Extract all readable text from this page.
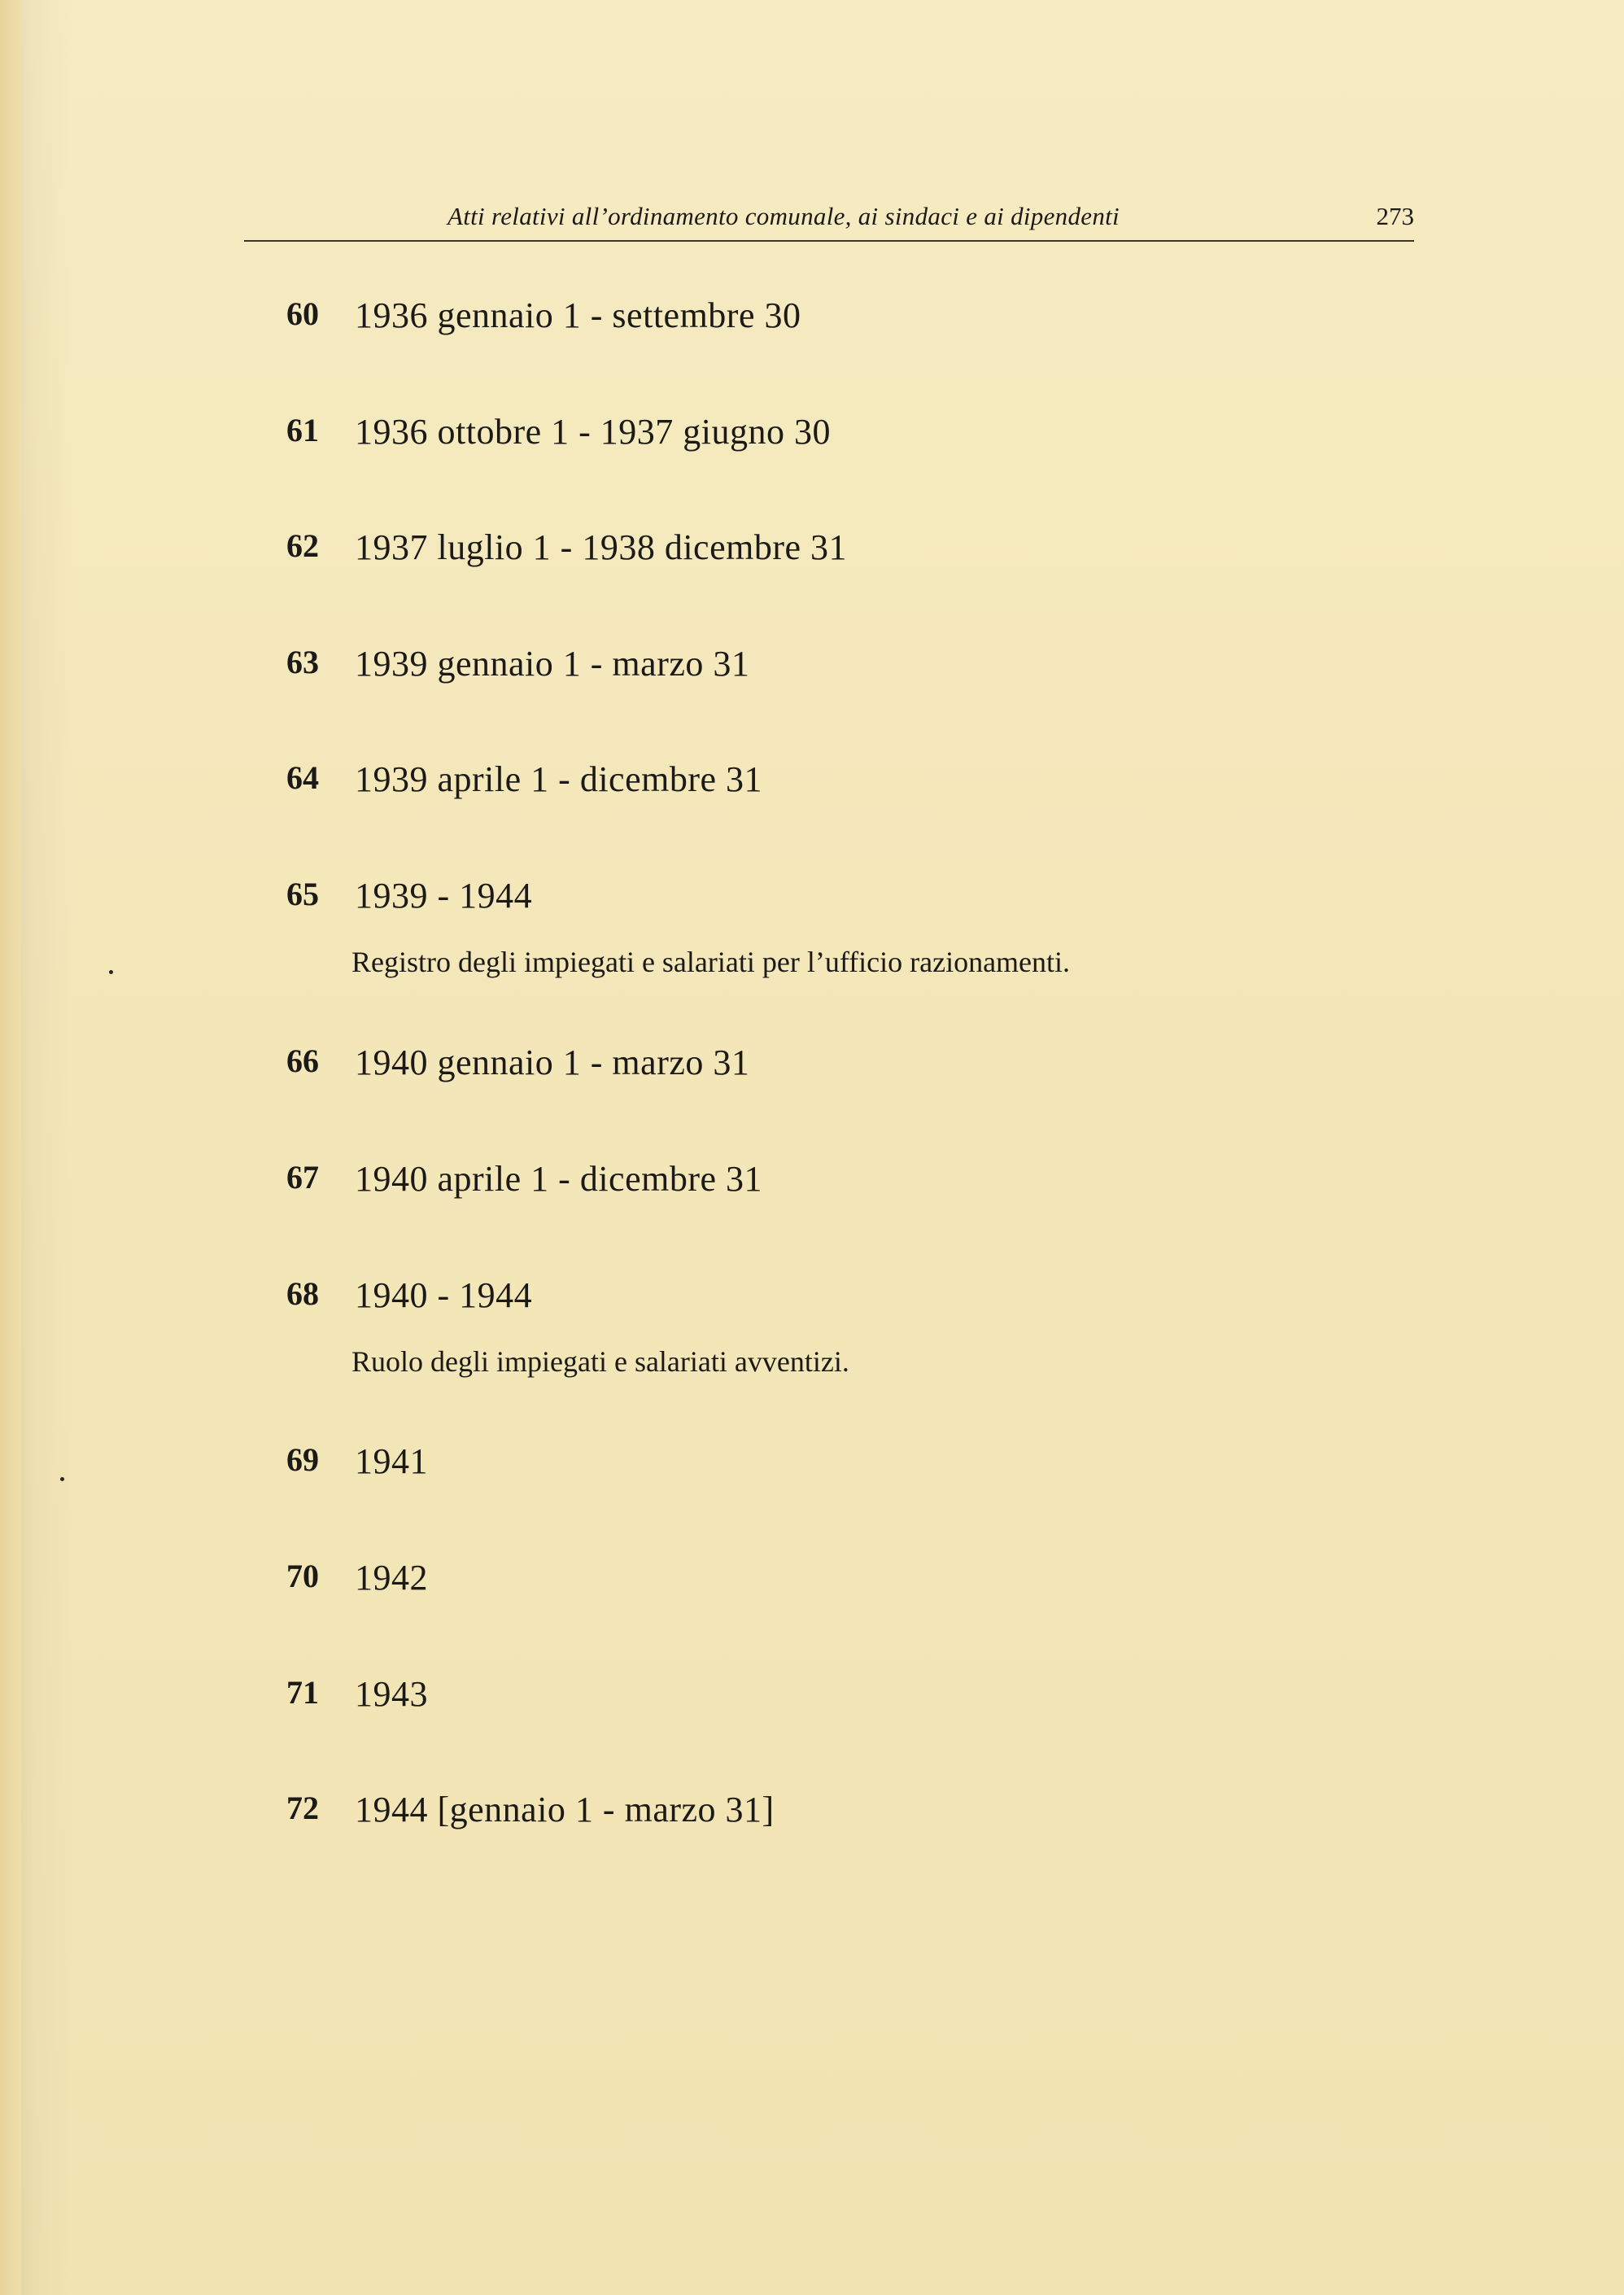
Atti relativi all’ordinamento comunale, ai sindaci e ai dipendenti	273
60 1936 gennaio 1 - settembre 30
61 1936 ottobre 1 - 1937 giugno 30
62 1937 luglio 1 - 1938 dicembre 31
63 1939 gennaio 1 - marzo 31
64 1939 aprile 1 - dicembre 31
65 1939 - 1944
Registro degli impiegati e salariati per l’ufficio razionamenti.
66 1940 gennaio 1 - marzo 31
67 1940 aprile 1 - dicembre 31
68 1940 - 1944
Ruolo degli impiegati e salariati avventizi.
69 1941
70 1942
71 1943
72 1944 [gennaio 1 - marzo 31]
